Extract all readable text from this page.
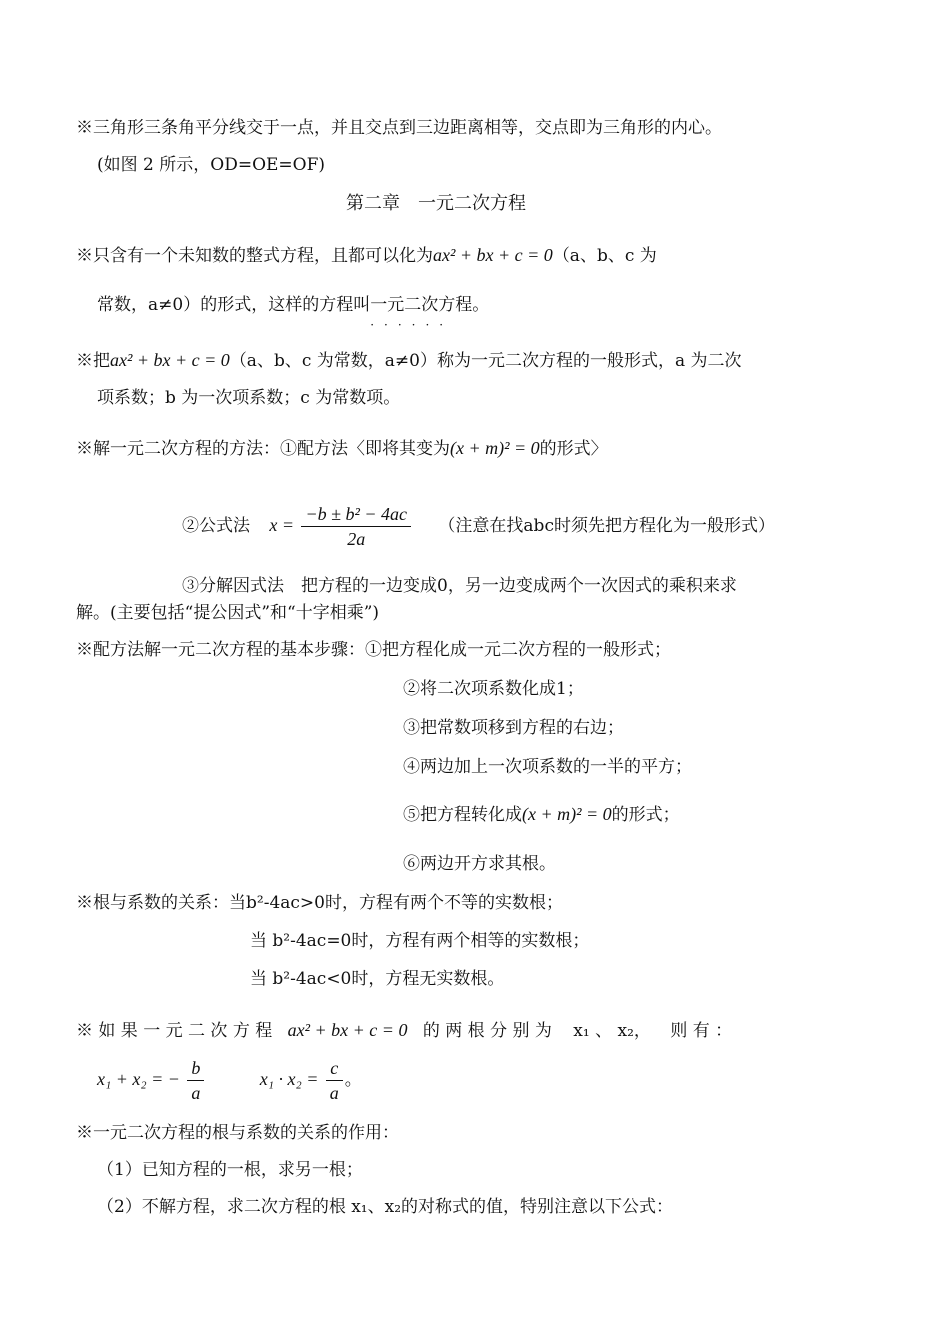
※三角形三条角平分线交于一点，并且交点到三边距离相等，交点即为三角形的内心。
(如图 2 所示，OD=OE=OF)
第二章　一元二次方程
※只含有一个未知数的整式方程，且都可以化为ax² + bx + c = 0（a、b、c 为
常数，a≠0）的形式，这样的方程叫一元二次方程
······
。
※把ax² + bx + c = 0（a、b、c 为常数，a≠0）称为一元二次方程的一般形式，a 为二次
项系数；b 为一次项系数；c 为常数项。
※解一元二次方程的方法：①配方法〈即将其变为(x + m)² = 0的形式〉
②公式法 $x = \frac{\text{−b ± b² − 4ac}}{2a}$ （注意在找abc时须先把方程化为一般形式）
③分解因式法　把方程的一边变成0，另一边变成两个一次因式的乘积来求
解。(主要包括“提公因式”和“十字相乘”)
※配方法解一元二次方程的基本步骤：①把方程化成一元二次方程的一般形式；
②将二次项系数化成1；
③把常数项移到方程的右边；
④两边加上一次项系数的一半的平方；
⑤把方程转化成(x + m)² = 0的形式；
⑥两边开方求其根。
※根与系数的关系：当b²-4ac>0时，方程有两个不等的实数根；
当 b²-4ac=0时，方程有两个相等的实数根；
当 b²-4ac<0时，方程无实数根。
※ 如 果 一 元 二 次 方 程 ax² + bx + c = 0 的 两 根 分 别 为 x₁ 、 x₂， 则 有 ：
x₁ + x₂ = − $\frac{b}{a}$	$x_1 \cdot x_2 = \frac{c}{a}$ 。
※一元二次方程的根与系数的关系的作用：
（1）已知方程的一根，求另一根；
（2）不解方程，求二次方程的根 x₁、x₂的对称式的值，特别注意以下公式：
